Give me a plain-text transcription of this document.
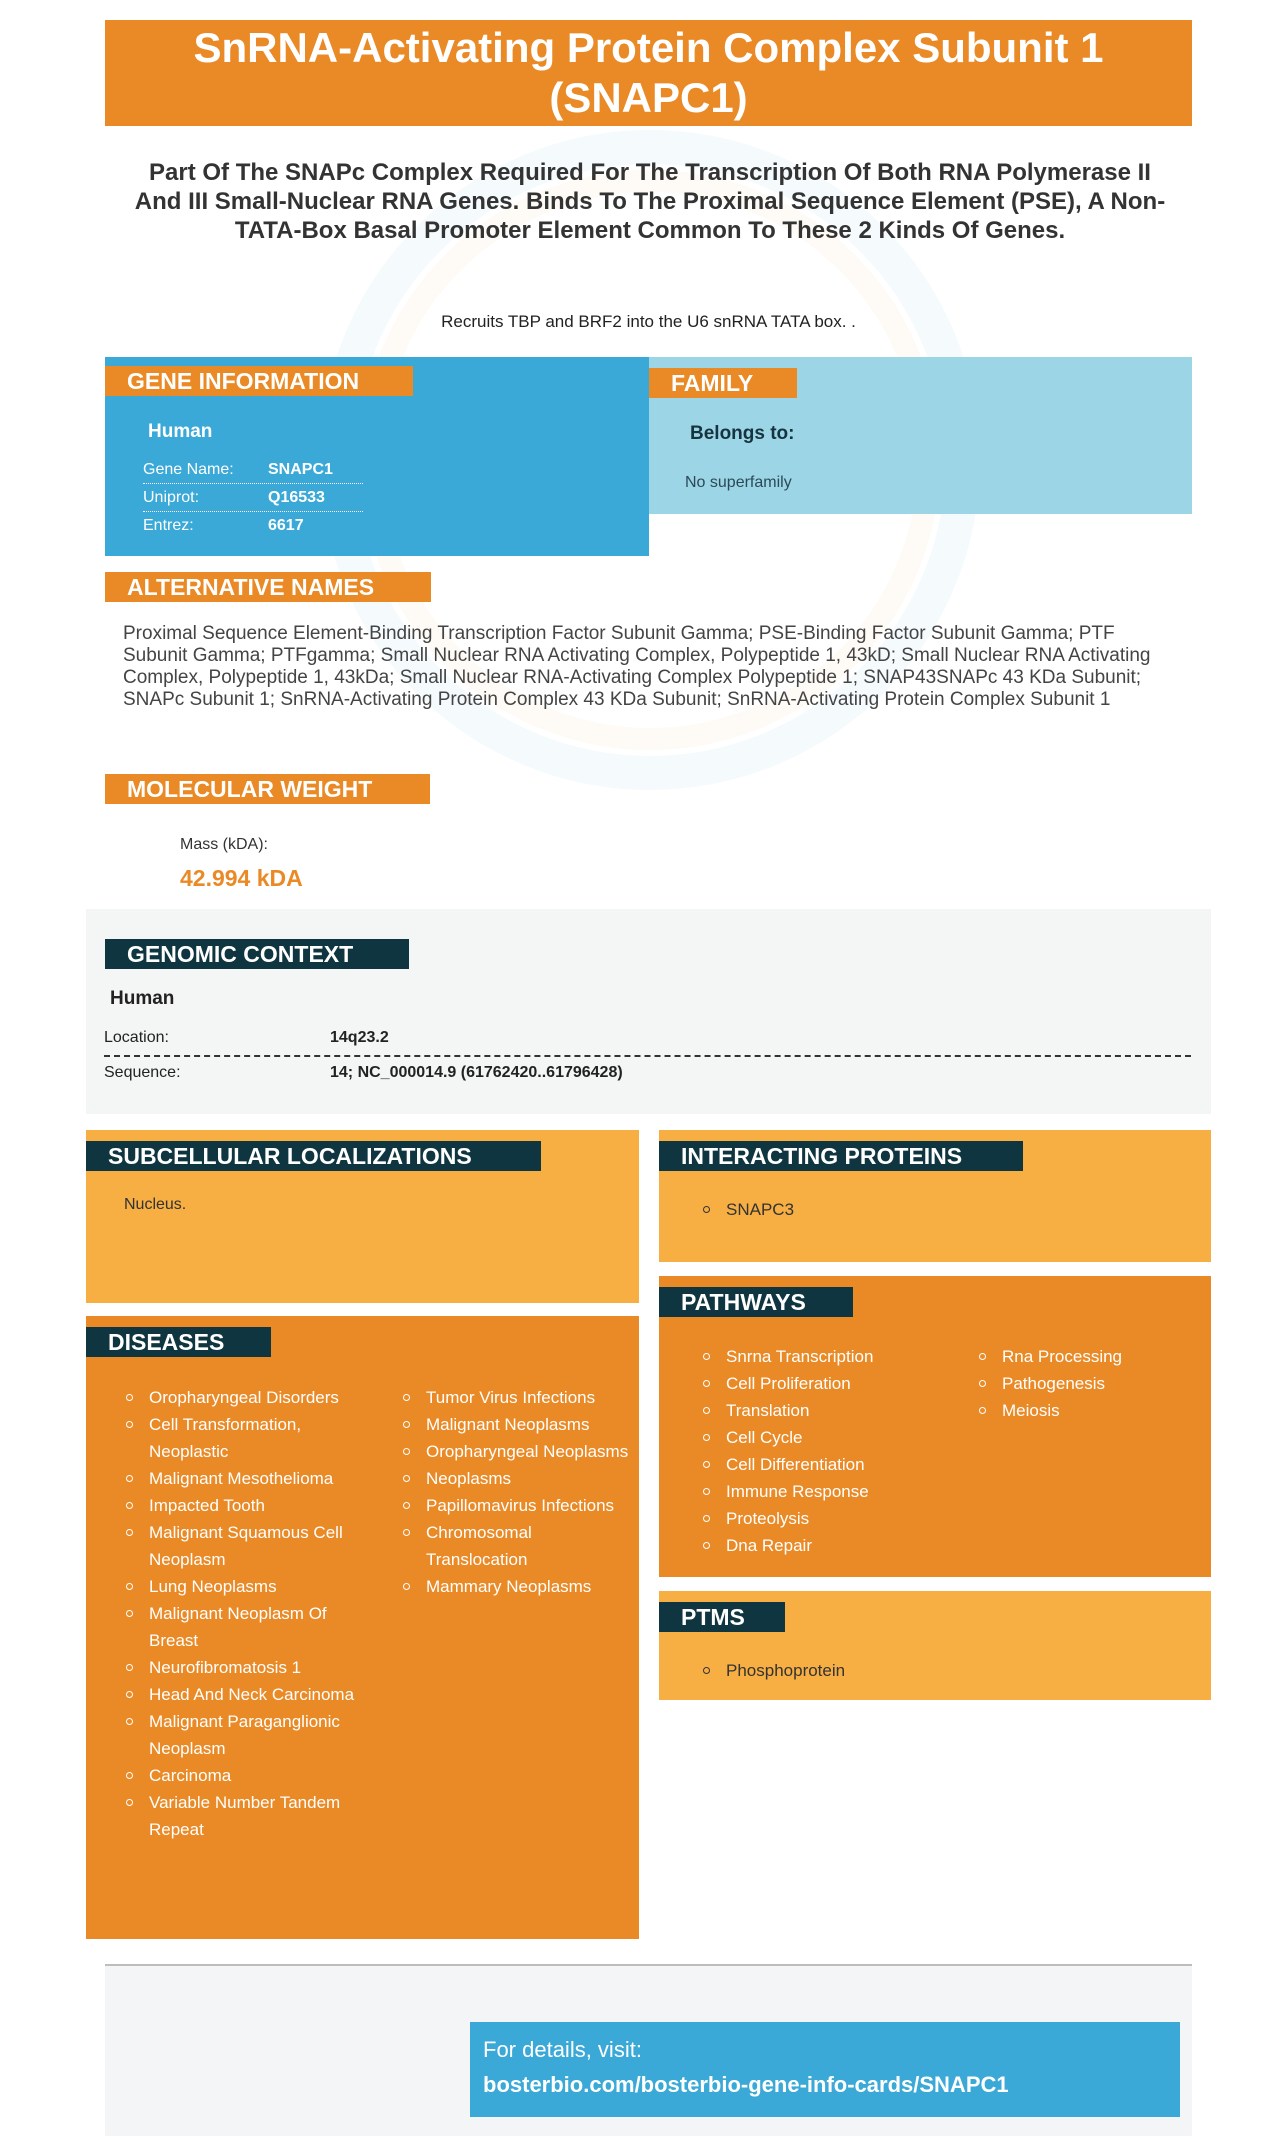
SnRNA-Activating Protein Complex Subunit 1 (SNAPC1)
Part Of The SNAPc Complex Required For The Transcription Of Both RNA Polymerase II And III Small-Nuclear RNA Genes. Binds To The Proximal Sequence Element (PSE), A Non-TATA-Box Basal Promoter Element Common To These 2 Kinds Of Genes.
Recruits TBP and BRF2 into the U6 snRNA TATA box. .
GENE INFORMATION
Human
Gene Name:	SNAPC1
Uniprot:	Q16533
Entrez:	6617
FAMILY
Belongs to:
No superfamily
ALTERNATIVE NAMES
Proximal Sequence Element-Binding Transcription Factor Subunit Gamma; PSE-Binding Factor Subunit Gamma; PTF Subunit Gamma; PTFgamma; Small Nuclear RNA Activating Complex, Polypeptide 1, 43kD; Small Nuclear RNA Activating Complex, Polypeptide 1, 43kDa; Small Nuclear RNA-Activating Complex Polypeptide 1; SNAP43SNAPc 43 KDa Subunit; SNAPc Subunit 1; SnRNA-Activating Protein Complex 43 KDa Subunit; SnRNA-Activating Protein Complex Subunit 1
MOLECULAR WEIGHT
Mass (kDA):
42.994 kDA
GENOMIC CONTEXT
Human
Location:	14q23.2
Sequence:	14; NC_000014.9 (61762420..61796428)
SUBCELLULAR LOCALIZATIONS
Nucleus.
INTERACTING PROTEINS
SNAPC3
PATHWAYS
Snrna Transcription
Cell Proliferation
Translation
Cell Cycle
Cell Differentiation
Immune Response
Proteolysis
Dna Repair
Rna Processing
Pathogenesis
Meiosis
DISEASES
Oropharyngeal Disorders
Cell Transformation, Neoplastic
Malignant Mesothelioma
Impacted Tooth
Malignant Squamous Cell Neoplasm
Lung Neoplasms
Malignant Neoplasm Of Breast
Neurofibromatosis 1
Head And Neck Carcinoma
Malignant Paraganglionic Neoplasm
Carcinoma
Variable Number Tandem Repeat
Tumor Virus Infections
Malignant Neoplasms
Oropharyngeal Neoplasms
Neoplasms
Papillomavirus Infections
Chromosomal Translocation
Mammary Neoplasms
PTMS
Phosphoprotein
For details, visit:
bosterbio.com/bosterbio-gene-info-cards/SNAPC1
